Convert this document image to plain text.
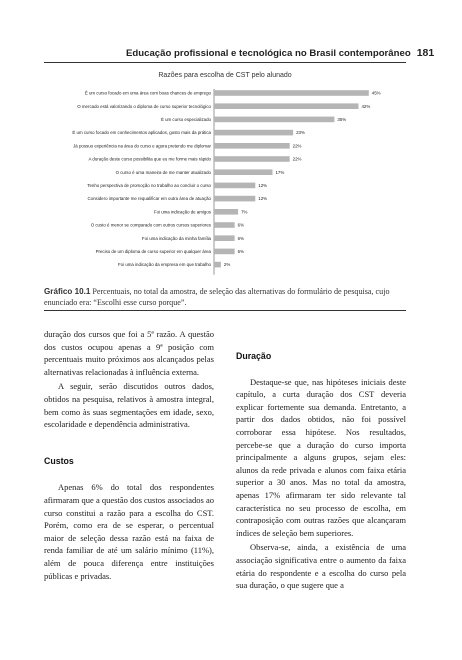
Educação profissional e tecnológica no Brasil contemporâneo 181
Razões para escolha de CST pelo alunado
É um curso focado em uma área com boas chances de emprego	45%
O mercado está valorizando o diploma de curso superior tecnológico	42%
É um curso especializado	35%
É um curso focado em conhecimentos aplicados, gosto mais da prática	23%
Já possuo experiência na área do curso e agora pretendo me diplomar	22%
A duração deste curso possibilita que eu me forme mais rápido	22%
O curso é uma maneira de me manter atualizado	17%
Tenho perspectiva de promoção no trabalho ao concluir o curso	12%
Considero importante me requalificar em outra área de atuação	12%
Foi uma indicação de amigos	7%
O custo é menor se comparado com outros cursos superiores	6%
Foi uma indicação da minha família	6%
Preciso de um diploma de curso superior em qualquer área	6%
Foi uma indicação da empresa em que trabalho	2%
Gráfico 10.1 Percentuais, no total da amostra, de seleção das alternativas do formulário de pesquisa, cujo enunciado era: “Escolhi esse curso porque”.

duração dos cursos que foi a 5ª razão. A questão dos custos ocupou apenas a 9ª posição com percentuais muito próximos aos alcançados pelas alternativas relacionadas à influência externa.

A seguir, serão discutidos outros dados, obtidos na pesquisa, relativos à amostra integral, bem como às suas segmentações em idade, sexo, escolaridade e dependência administrativa.

Custos

Apenas 6% do total dos respondentes afirmaram que a questão dos custos associados ao curso constitui a razão para a escolha do CST. Porém, como era de se esperar, o percentual maior de seleção dessa razão está na faixa de renda familiar de até um salário mínimo (11%), além de pouca diferença entre instituições públicas e privadas.

Duração

Destaque-se que, nas hipóteses iniciais deste capítulo, a curta duração dos CST deveria explicar fortemente sua demanda. Entretanto, a partir dos dados obtidos, não foi possível corroborar essa hipótese. Nos resultados, percebe-se que a duração do curso importa principalmente a alguns grupos, sejam eles: alunos da rede privada e alunos com faixa etária superior a 30 anos. Mas no total da amostra, apenas 17% afirmaram ter sido relevante tal característica no seu processo de escolha, em contraposição com outras razões que alcançaram índices de seleção bem superiores.

Observa-se, ainda, a existência de uma associação significativa entre o aumento da faixa etária do respondente e a escolha do curso pela sua duração, o que sugere que a
